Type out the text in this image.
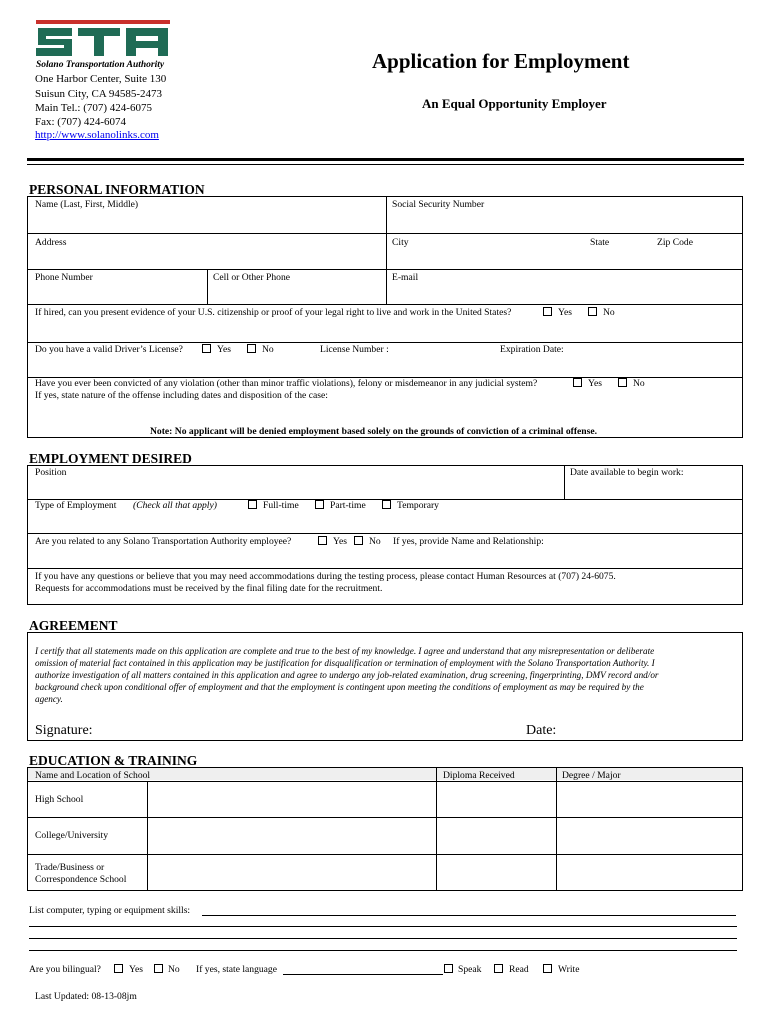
Solano Transportation Authority
One Harbor Center, Suite 130
Suisun City, CA 94585-2473
Main Tel.: (707) 424-6075
Fax: (707) 424-6074
http://www.solanolinks.com
Application for Employment
An Equal Opportunity Employer
PERSONAL INFORMATION
Name (Last, First, Middle)	Social Security Number
Address	City	State	Zip Code
Phone Number	Cell or Other Phone	E-mail
If hired, can you present evidence of your U.S. citizenship or proof of your legal right to live and work in the United States?	Yes	No
Do you have a valid Driver’s License?	Yes	No	License Number :	Expiration Date:
Have you ever been convicted of any violation (other than minor traffic violations), felony or misdemeanor in any judicial system?	Yes	No
If yes, state nature of the offense including dates and disposition of the case:
Note: No applicant will be denied employment based solely on the grounds of conviction of a criminal offense.
EMPLOYMENT DESIRED
Position	Date available to begin work:
Type of Employment (Check all that apply)	Full-time	Part-time	Temporary
Are you related to any Solano Transportation Authority employee?	Yes No If yes, provide Name and Relationship:
If you have any questions or believe that you may need accommodations during the testing process, please contact Human Resources at (707) 24-6075.
Requests for accommodations must be received by the final filing date for the recruitment.
AGREEMENT
I certify that all statements made on this application are complete and true to the best of my knowledge. I agree and understand that any misrepresentation or deliberate
omission of material fact contained in this application may be justification for disqualification or termination of employment with the Solano Transportation Authority. I
authorize investigation of all matters contained in this application and agree to undergo any job-related examination, drug screening, fingerprinting, DMV record and/or
background check upon conditional offer of employment and that the employment is contingent upon meeting the conditions of employment as may be required by the
agency.
Signature:	Date:
EDUCATION & TRAINING
Name and Location of School	Diploma Received	Degree / Major
High School
College/University
Trade/Business or
Correspondence School
List computer, typing or equipment skills:
Are you bilingual?	Yes	No If yes, state language	Speak	Read	Write
Last Updated: 08-13-08jm
